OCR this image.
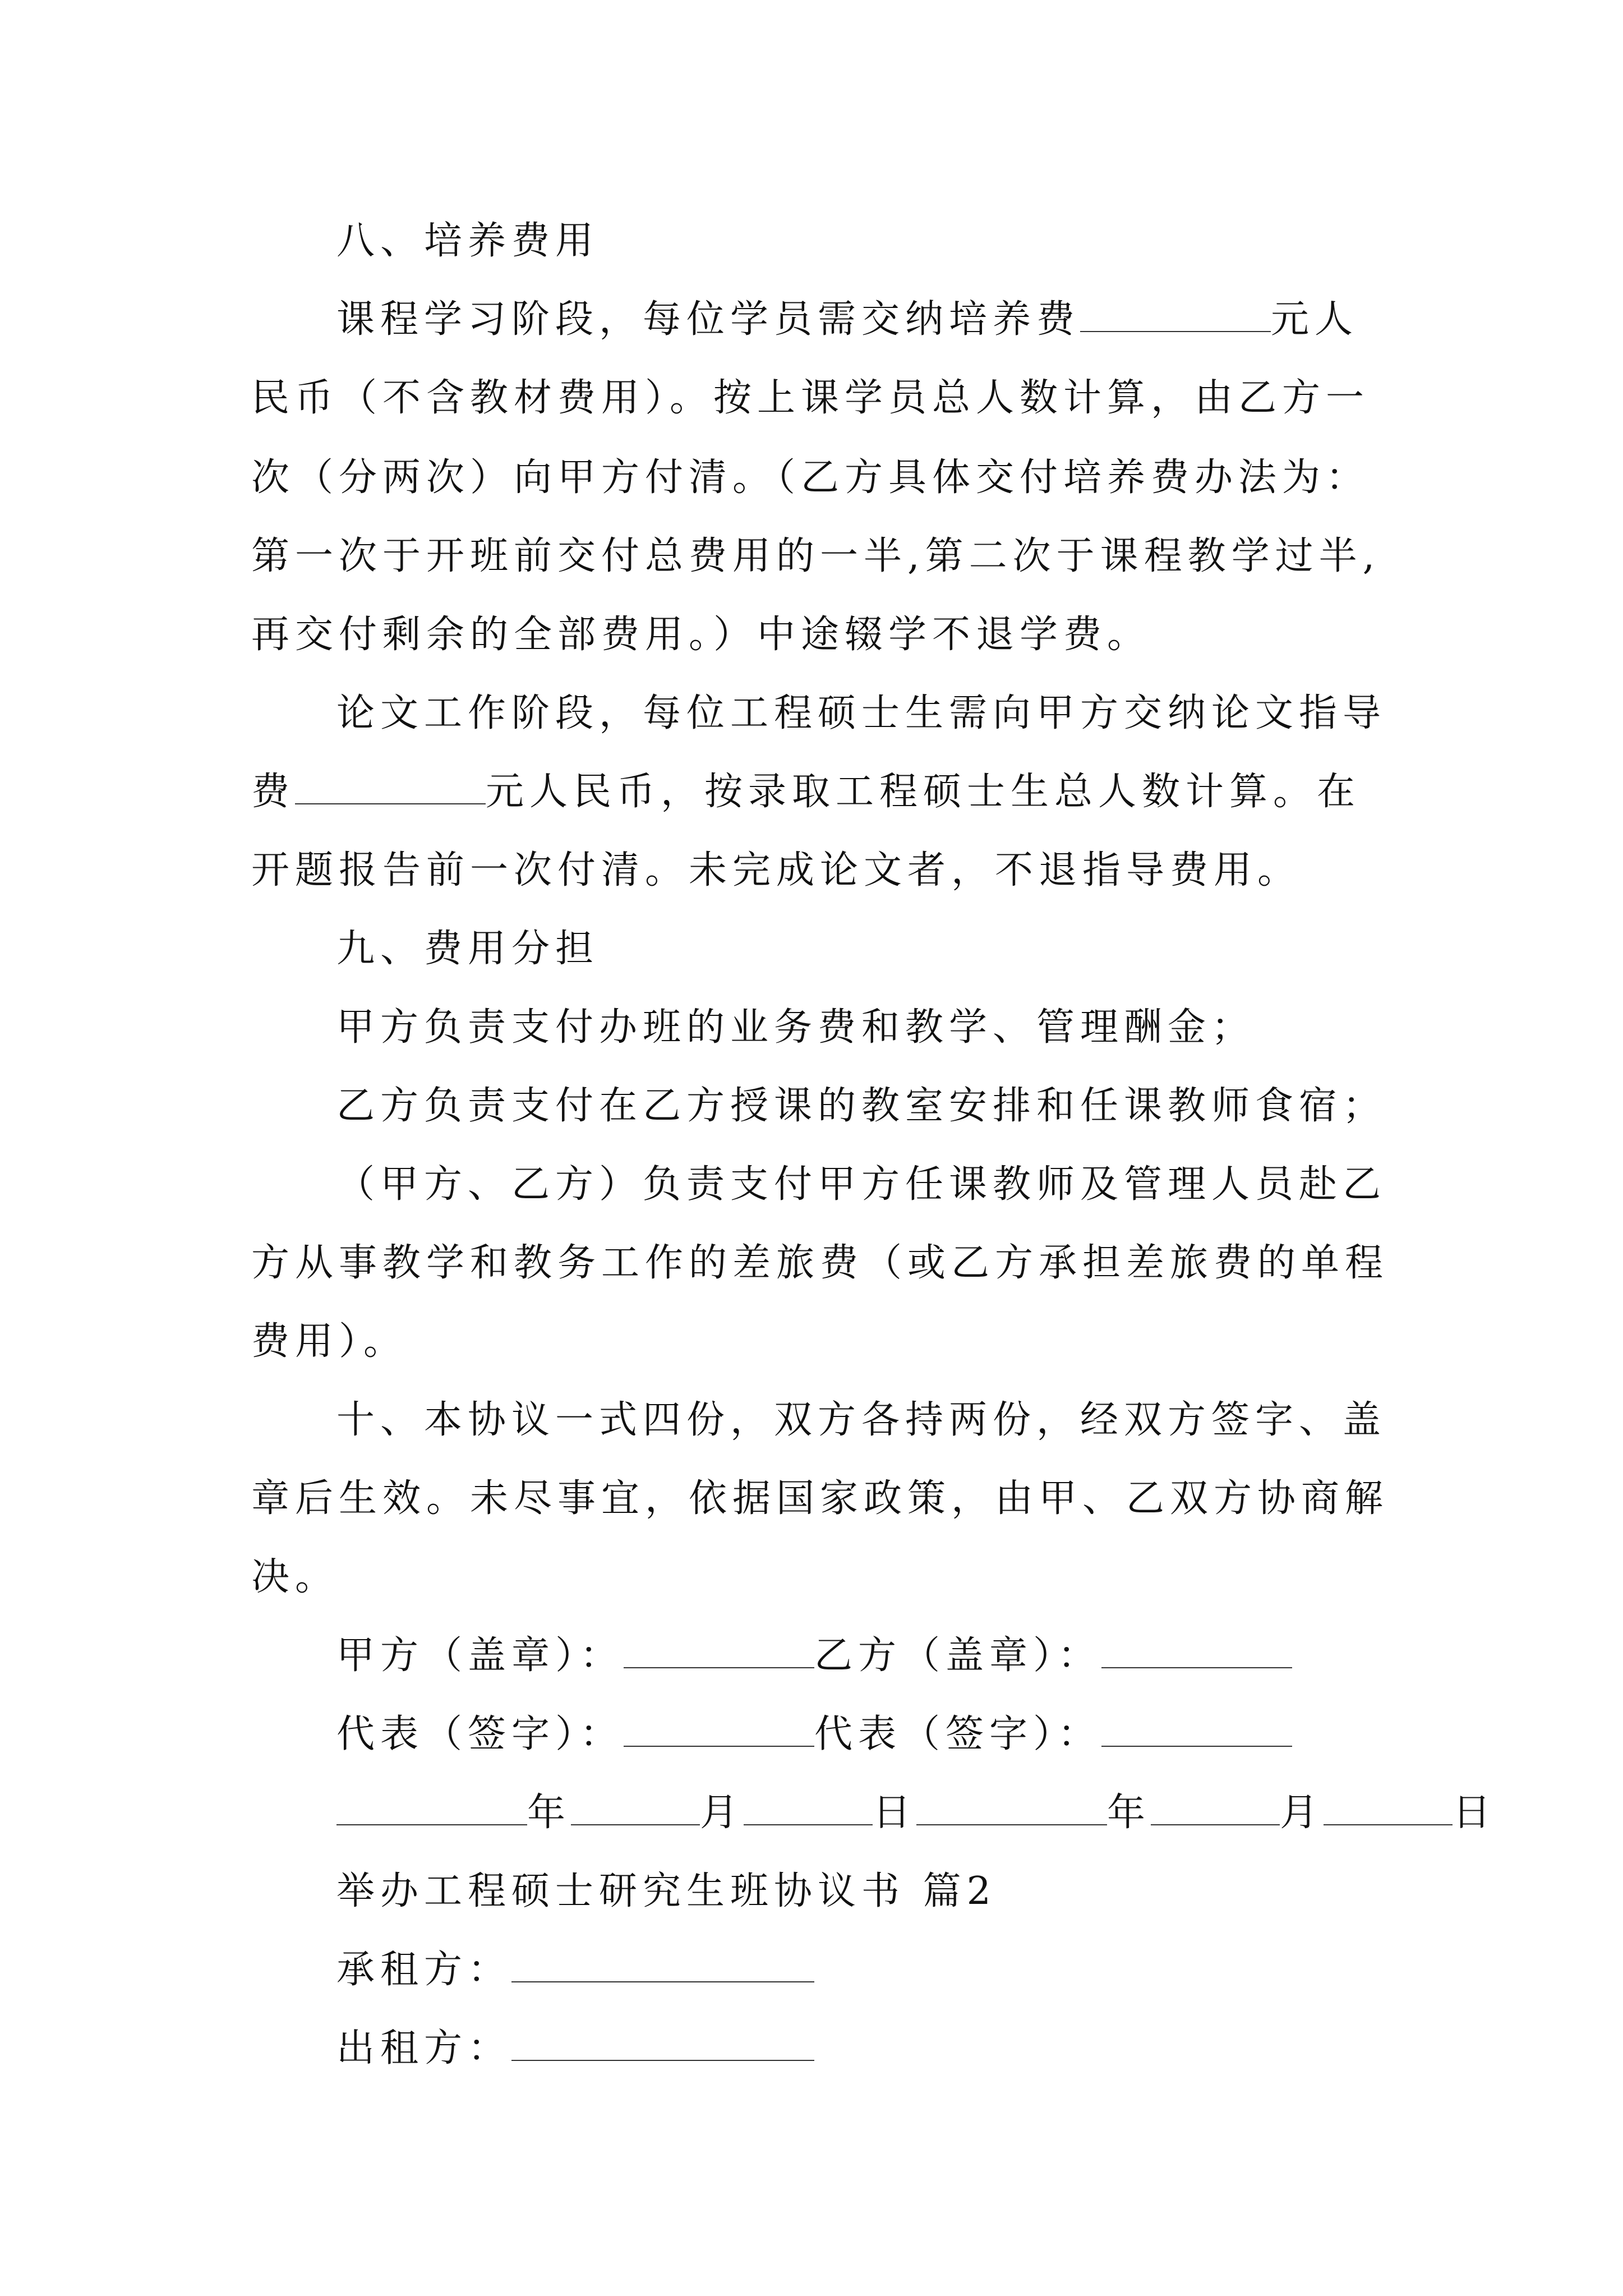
八、培养费用
课程学习阶段，每位学员需交纳培养费	元人
民币（不含教材费用）。按上课学员总人数计算，由乙方一
次（分两次）向甲方付清。（乙方具体交付培养费办法为：
第一次于开班前交付总费用的一半,第二次于课程教学过半,
再交付剩余的全部费用。）中途辍学不退学费。
论文工作阶段，每位工程硕士生需向甲方交纳论文指导
费	元人民币，按录取工程硕士生总人数计算。在
开题报告前一次付清。未完成论文者，不退指导费用。
九、费用分担
甲方负责支付办班的业务费和教学、管理酬金；
乙方负责支付在乙方授课的教室安排和任课教师食宿；
（甲方、乙方）负责支付甲方任课教师及管理人员赴乙
方从事教学和教务工作的差旅费（或乙方承担差旅费的单程
费用）。
十、本协议一式四份，双方各持两份，经双方签字、盖
章后生效。未尽事宜，依据国家政策，由甲、乙双方协商解
决。
甲方（盖章）：	乙方（盖章）：
代表（签字）：	代表（签字）：
年	月	日	年	月	日
举办工程硕士研究生班协议书 篇2
承租方：
出租方：
